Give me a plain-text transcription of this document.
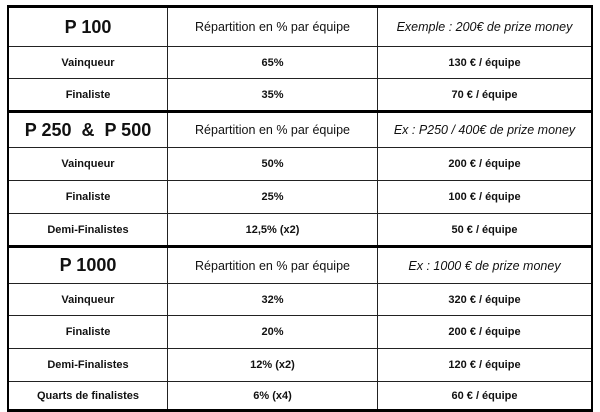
P 100	Répartition en % par équipe	Exemple : 200€ de prize money
Vainqueur	65%	130 € / équipe
Finaliste	35%	70 € / équipe
P 250  &  P 500	Répartition en % par équipe	Ex : P250 / 400€ de prize money
Vainqueur	50%	200 € / équipe
Finaliste	25%	100 € / équipe
Demi-Finalistes	12,5% (x2)	50 € / équipe
P 1000	Répartition en % par équipe	Ex : 1000 € de prize money
Vainqueur	32%	320 € / équipe
Finaliste	20%	200 € / équipe
Demi-Finalistes	12% (x2)	120 € / équipe
Quarts de finalistes	6% (x4)	60 € / équipe
